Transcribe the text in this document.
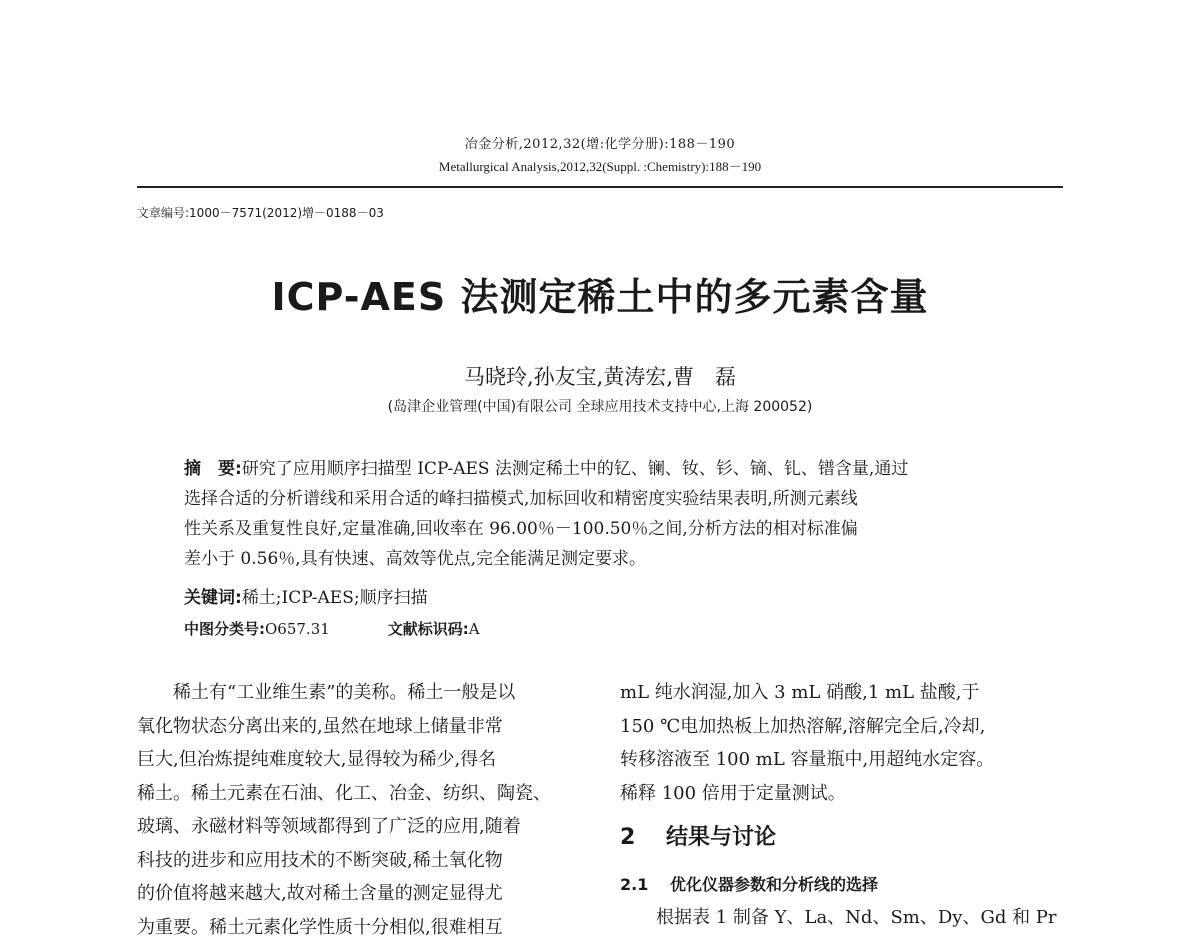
冶金分析,2012,32(增:化学分册):188－190
Metallurgical Analysis,2012,32(Suppl. :Chemistry):188－190
文章编号:1000－7571(2012)增－0188－03
ICP-AES 法测定稀土中的多元素含量
马晓玲,孙友宝,黄涛宏,曹　磊
(岛津企业管理(中国)有限公司 全球应用技术支持中心,上海 200052)
摘　要:研究了应用顺序扫描型 ICP-AES 法测定稀土中的钇、镧、钕、钐、镝、钆、镨含量,通过
选择合适的分析谱线和采用合适的峰扫描模式,加标回收和精密度实验结果表明,所测元素线
性关系及重复性良好,定量准确,回收率在 96.00％－100.50％之间,分析方法的相对标准偏
差小于 0.56％,具有快速、高效等优点,完全能满足测定要求。
关键词:稀土;ICP-AES;顺序扫描
中图分类号:O657.31	文献标识码:A
稀土有“工业维生素”的美称。稀土一般是以
氧化物状态分离出来的,虽然在地球上储量非常
巨大,但冶炼提纯难度较大,显得较为稀少,得名
稀土。稀土元素在石油、化工、冶金、纺织、陶瓷、
玻璃、永磁材料等领域都得到了广泛的应用,随着
科技的进步和应用技术的不断突破,稀土氧化物
的价值将越来越大,故对稀土含量的测定显得尤
为重要。稀土元素化学性质十分相似,很难相互
mL 纯水润湿,加入 3 mL 硝酸,1 mL 盐酸,于
150 ℃电加热板上加热溶解,溶解完全后,冷却,
转移溶液至 100 mL 容量瓶中,用超纯水定容。
稀释 100 倍用于定量测试。
2 结果与讨论
2.1 优化仪器参数和分析线的选择
根据表 1 制备 Y、La、Nd、Sm、Dy、Gd 和 Pr
